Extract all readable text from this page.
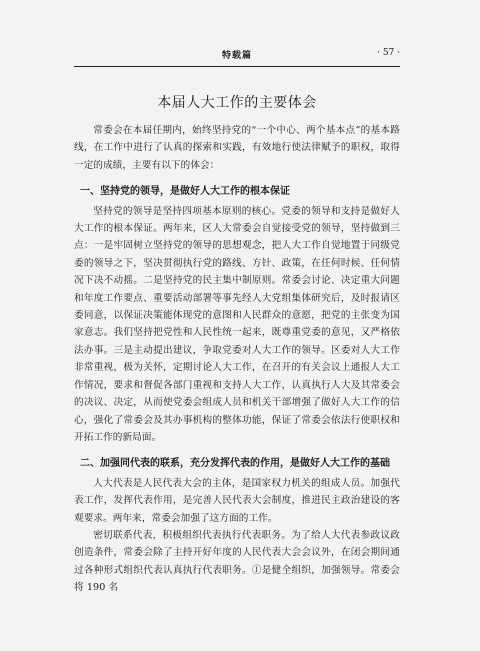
特载篇	· 57 ·
本届人大工作的主要体会

常委会在本届任期内，始终坚持党的“一个中心、两个基本点”的基本路线，在工作中进行了认真的探索和实践，有效地行使法律赋予的职权，取得一定的成绩，主要有以下的体会：

一、坚持党的领导，是做好人大工作的根本保证

坚持党的领导是坚持四项基本原则的核心。党委的领导和支持是做好人大工作的根本保证。两年来，区人大常委会自觉接受党的领导，坚持做到三点：一是牢固树立坚持党的领导的思想观念，把人大工作自觉地置于同级党委的领导之下，坚决贯彻执行党的路线、方针、政策，在任何时候、任何情况下决不动摇。二是坚持党的民主集中制原则。常委会讨论、决定重大问题和年度工作要点、重要活动部署等事先经人大党组集体研究后，及时报请区委同意，以保证决策能体现党的意图和人民群众的意愿，把党的主张变为国家意志。我们坚持把党性和人民性统一起来，既尊重党委的意见，又严格依法办事。三是主动提出建议，争取党委对人大工作的领导。区委对人大工作非常重视，极为关怀，定期讨论人大工作，在召开的有关会议上通报人大工作情况，要求和督促各部门重视和支持人大工作，认真执行人大及其常委会的决议、决定，从而使党委会组成人员和机关干部增强了做好人大工作的信心，强化了常委会及其办事机构的整体功能，保证了常委会依法行使职权和开拓工作的新局面。

二、加强同代表的联系，充分发挥代表的作用，是做好人大工作的基础

人大代表是人民代表大会的主体，是国家权力机关的组成人员。加强代表工作，发挥代表作用，是完善人民代表大会制度，推进民主政治建设的客观要求。两年来，常委会加强了这方面的工作。

密切联系代表，积极组织代表执行代表职务。为了给人大代表参政议政创造条件，常委会除了主持开好年度的人民代表大会会议外，在闭会期间通过各种形式组织代表认真执行代表职务。①是健全组织，加强领导。常委会将 190 名
